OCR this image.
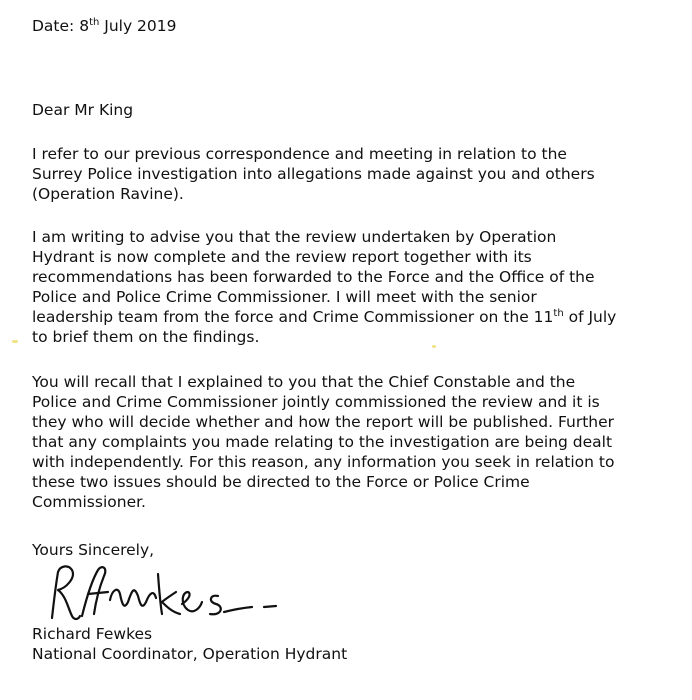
Date: 8th July 2019
Dear Mr King
I refer to our previous correspondence and meeting in relation to the
Surrey Police investigation into allegations made against you and others
(Operation Ravine).
I am writing to advise you that the review undertaken by Operation
Hydrant is now complete and the review report together with its
recommendations has been forwarded to the Force and the Office of the
Police and Police Crime Commissioner. I will meet with the senior
leadership team from the force and Crime Commissioner on the 11th of July
to brief them on the findings.
You will recall that I explained to you that the Chief Constable and the
Police and Crime Commissioner jointly commissioned the review and it is
they who will decide whether and how the report will be published. Further
that any complaints you made relating to the investigation are being dealt
with independently. For this reason, any information you seek in relation to
these two issues should be directed to the Force or Police Crime
Commissioner.
Yours Sincerely,
Richard Fewkes
National Coordinator, Operation Hydrant
